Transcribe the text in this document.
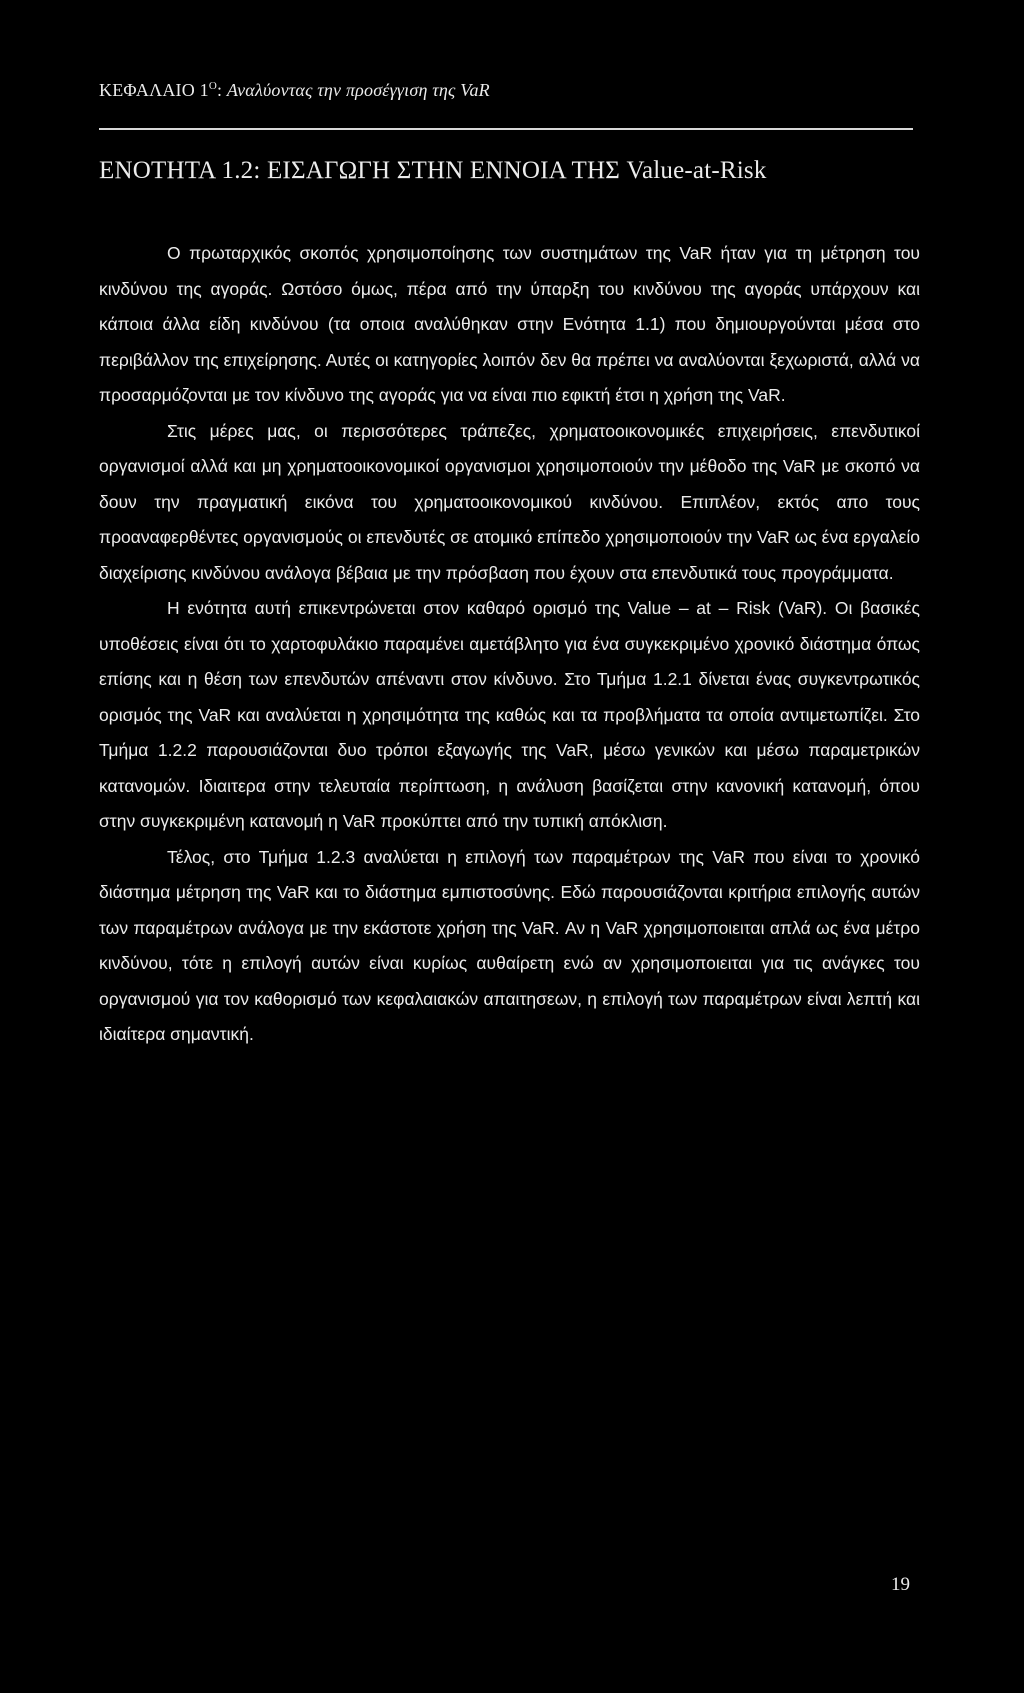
ΚΕΦΑΛΑΙΟ $1^O$: Αναλύοντας την προσέγγιση της VaR
ΕΝΟΤΗΤΑ 1.2: ΕΙΣΑΓΩΓΗ ΣΤΗΝ ΕΝΝΟΙΑ ΤΗΣ Value-at-Risk

Ο πρωταρχικός σκοπός χρησιμοποίησης των συστημάτων της VaR ήταν για τη μέτρηση του κινδύνου της αγοράς. Ωστόσο όμως, πέρα από την ύπαρξη του κινδύνου της αγοράς υπάρχουν και κάποια άλλα είδη κινδύνου (τα οποια αναλύθηκαν στην Ενότητα 1.1) που δημιουργούνται μέσα στο περιβάλλον της επιχείρησης. Αυτές οι κατηγορίες λοιπόν δεν θα πρέπει να αναλύονται ξεχωριστά, αλλά να προσαρμόζονται με τον κίνδυνο της αγοράς για να είναι πιο εφικτή έτσι η χρήση της VaR.

Στις μέρες μας, οι περισσότερες τράπεζες, χρηματοοικονομικές επιχειρήσεις, επενδυτικοί οργανισμοί αλλά και μη χρηματοοικονομικοί οργανισμοι χρησιμοποιούν την μέθοδο της VaR με σκοπό να δουν την πραγματική εικόνα του χρηματοοικονομικού κινδύνου. Επιπλέον, εκτός απο τους προαναφερθέντες οργανισμούς οι επενδυτές σε ατομικό επίπεδο χρησιμοποιούν την VaR ως ένα εργαλείο διαχείρισης κινδύνου ανάλογα βέβαια με την πρόσβαση που έχουν στα επενδυτικά τους προγράμματα.

Η ενότητα αυτή επικεντρώνεται στον καθαρό ορισμό της Value – at – Risk (VaR). Οι βασικές υποθέσεις είναι ότι το χαρτοφυλάκιο παραμένει αμετάβλητο για ένα συγκεκριμένο χρονικό διάστημα όπως επίσης και η θέση των επενδυτών απέναντι στον κίνδυνο. Στο Τμήμα 1.2.1 δίνεται ένας συγκεντρωτικός ορισμός της VaR και αναλύεται η χρησιμότητα της καθώς και τα προβλήματα τα οποία αντιμετωπίζει. Στο Τμήμα 1.2.2 παρουσιάζονται δυο τρόποι εξαγωγής της VaR, μέσω γενικών και μέσω παραμετρικών κατανομών. Ιδιαιτερα στην τελευταία περίπτωση, η ανάλυση βασίζεται στην κανονική κατανομή, όπου στην συγκεκριμένη κατανομή η VaR προκύπτει από την τυπική απόκλιση.

Τέλος, στο Τμήμα 1.2.3 αναλύεται η επιλογή των παραμέτρων της VaR που είναι το χρονικό διάστημα μέτρηση της VaR και το διάστημα εμπιστοσύνης. Εδώ παρουσιάζονται κριτήρια επιλογής αυτών των παραμέτρων ανάλογα με την εκάστοτε χρήση της VaR. Αν η VaR χρησιμοποιειται απλά ως ένα μέτρο κινδύνου, τότε η επιλογή αυτών είναι κυρίως αυθαίρετη ενώ αν χρησιμοποιειται για τις ανάγκες του οργανισμού για τον καθορισμό των κεφαλαιακών απαιτησεων, η επιλογή των παραμέτρων είναι λεπτή και ιδιαίτερα σημαντική.

19
